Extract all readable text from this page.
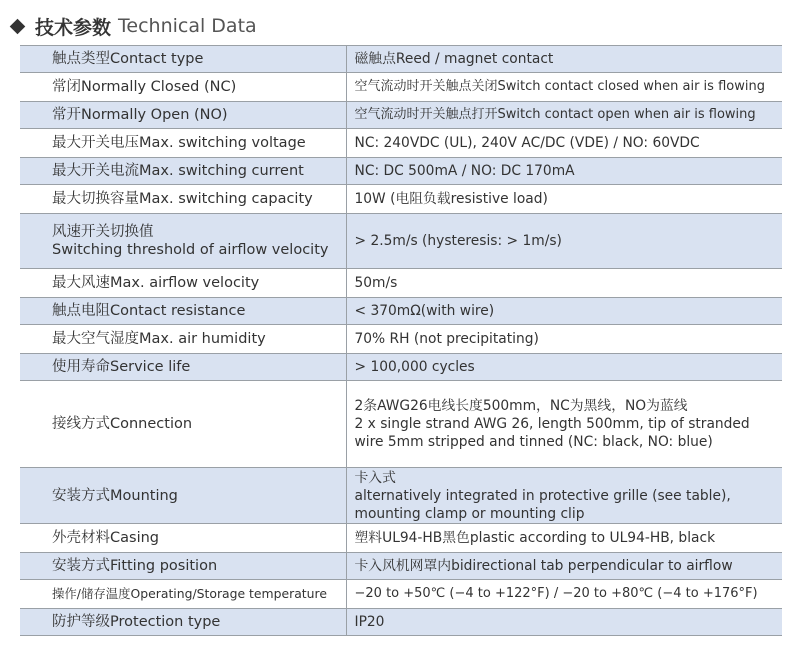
技术参数 Technical Data
触点类型Contact type	磁触点Reed / magnet contact

常闭Normally Closed (NC)	空气流动时开关触点关闭Switch contact closed when air is flowing

常开Normally Open (NO)	空气流动时开关触点打开Switch contact open when air is flowing

最大开关电压Max. switching voltage	NC: 240VDC (UL), 240V AC/DC (VDE) / NO: 60VDC

最大开关电流Max. switching current	NC: DC 500mA / NO: DC 170mA

最大切换容量Max. switching capacity	10W (电阻负载resistive load)

风速开关切换值
Switching threshold of airflow velocity	> 2.5m/s (hysteresis: > 1m/s)

最大风速Max. airflow velocity	50m/s

触点电阻Contact resistance	< 370mΩ(with wire)

最大空气湿度Max. air humidity	70% RH (not precipitating)

使用寿命Service life	> 100,000 cycles

接线方式Connection	2条AWG26电线长度500mm，NC为黑线，NO为蓝线
2 x single strand AWG 26, length 500mm, tip of stranded
wire 5mm stripped and tinned (NC: black, NO: blue)

安装方式Mounting	卡入式
alternatively integrated in protective grille (see table),
mounting clamp or mounting clip

外壳材料Casing	塑料UL94-HB黑色plastic according to UL94-HB, black

安装方式Fitting position	卡入风机网罩内bidirectional tab perpendicular to airflow

操作/储存温度Operating/Storage temperature	−20 to +50℃ (−4 to +122°F) / −20 to +80℃ (−4 to +176°F)

防护等级Protection type	IP20
